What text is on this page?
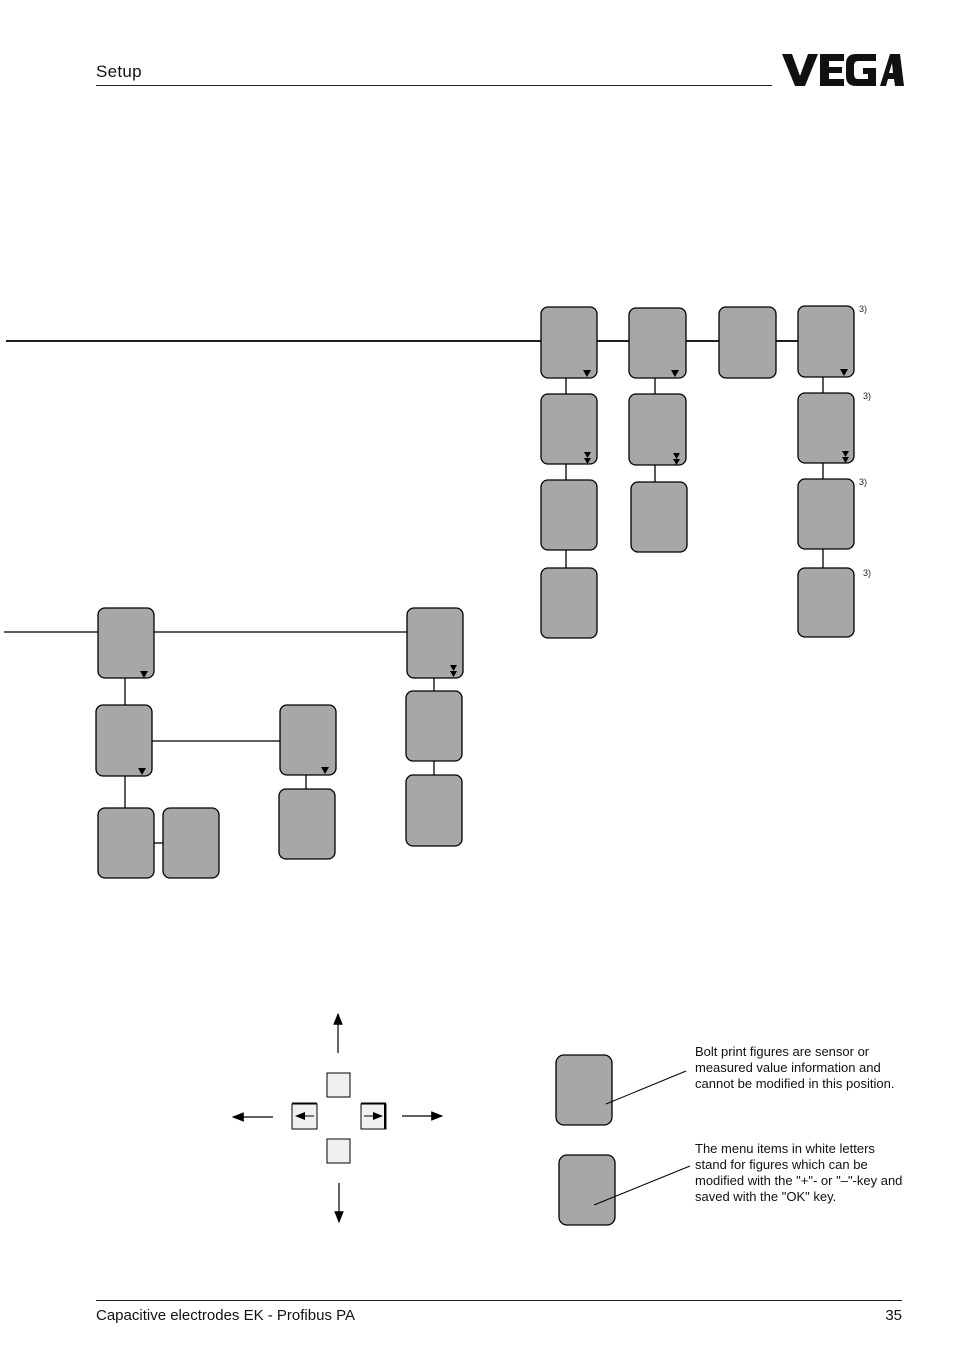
Setup
3)
3)
3)
3)
Bolt print figures are sensor or measured value information and cannot be modified in this position.
The menu items in white letters stand for figures which can be modified with the "+"- or "–"-key and saved with the "OK" key.
Capacitive electrodes EK - Profibus PA	35
